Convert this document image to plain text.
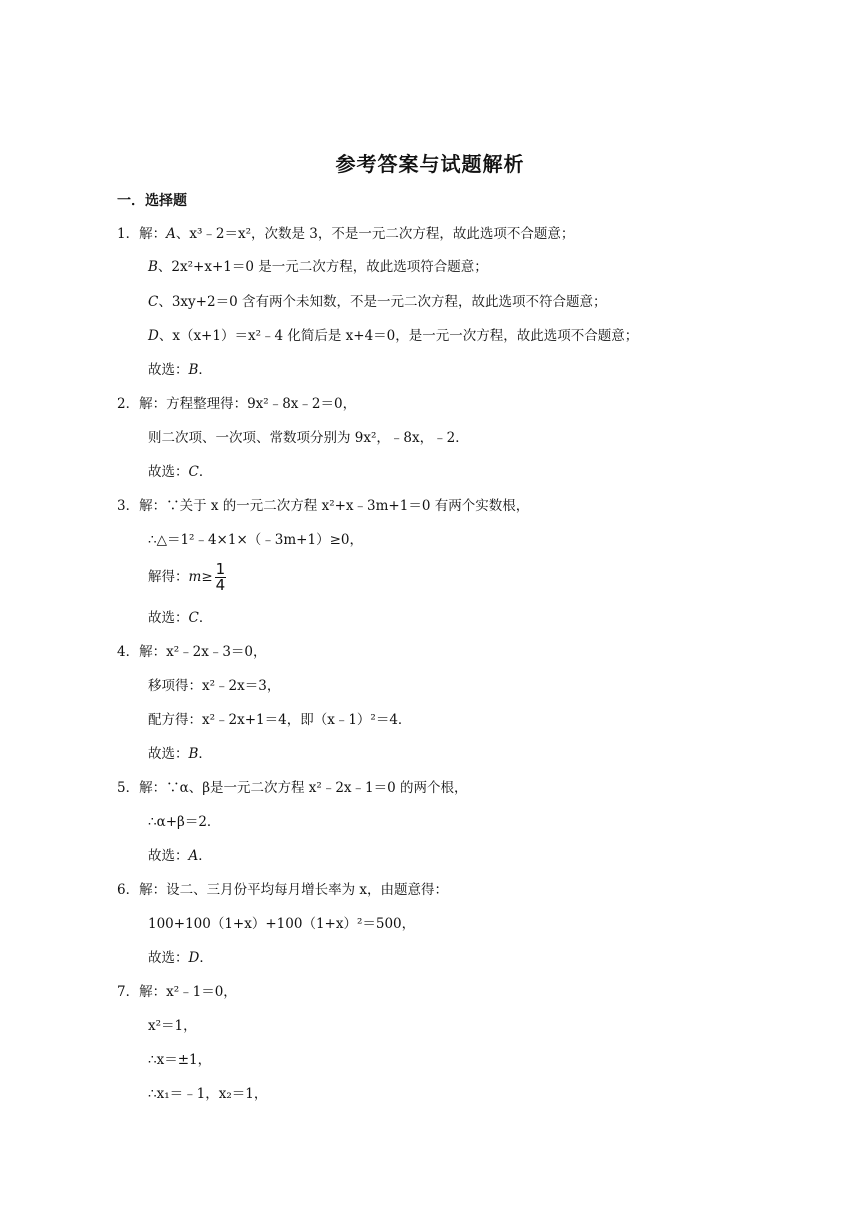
参考答案与试题解析
一．选择题
1．解：A、x³﹣2＝x²，次数是 3，不是一元二次方程，故此选项不合题意；
B、2x²+x+1＝0 是一元二次方程，故此选项符合题意；
C、3xy+2＝0 含有两个未知数，不是一元二次方程，故此选项不符合题意；
D、x（x+1）＝x²﹣4 化简后是 x+4＝0，是一元一次方程，故此选项不合题意；
故选：B．
2．解：方程整理得：9x²﹣8x﹣2＝0，
则二次项、一次项、常数项分别为 9x²，﹣8x，﹣2．
故选：C．
3．解：∵关于 x 的一元二次方程 x²+x﹣3m+1＝0 有两个实数根，
∴△＝1²﹣4×1×（﹣3m+1）≥0，
解得：$m\ge \frac{1}{4}$
故选：C．
4．解：x²﹣2x﹣3＝0，
移项得：x²﹣2x＝3，
配方得：x²﹣2x+1＝4，即（x﹣1）²＝4．
故选：B．
5．解：∵α、β是一元二次方程 x²﹣2x﹣1＝0 的两个根，
∴α+β＝2．
故选：A．
6．解：设二、三月份平均每月增长率为 x，由题意得：
100+100（1+x）+100（1+x）²＝500，
故选：D．
7．解：x²﹣1＝0，
x²＝1，
∴x＝±1，
∴x₁＝﹣1，x₂＝1，
